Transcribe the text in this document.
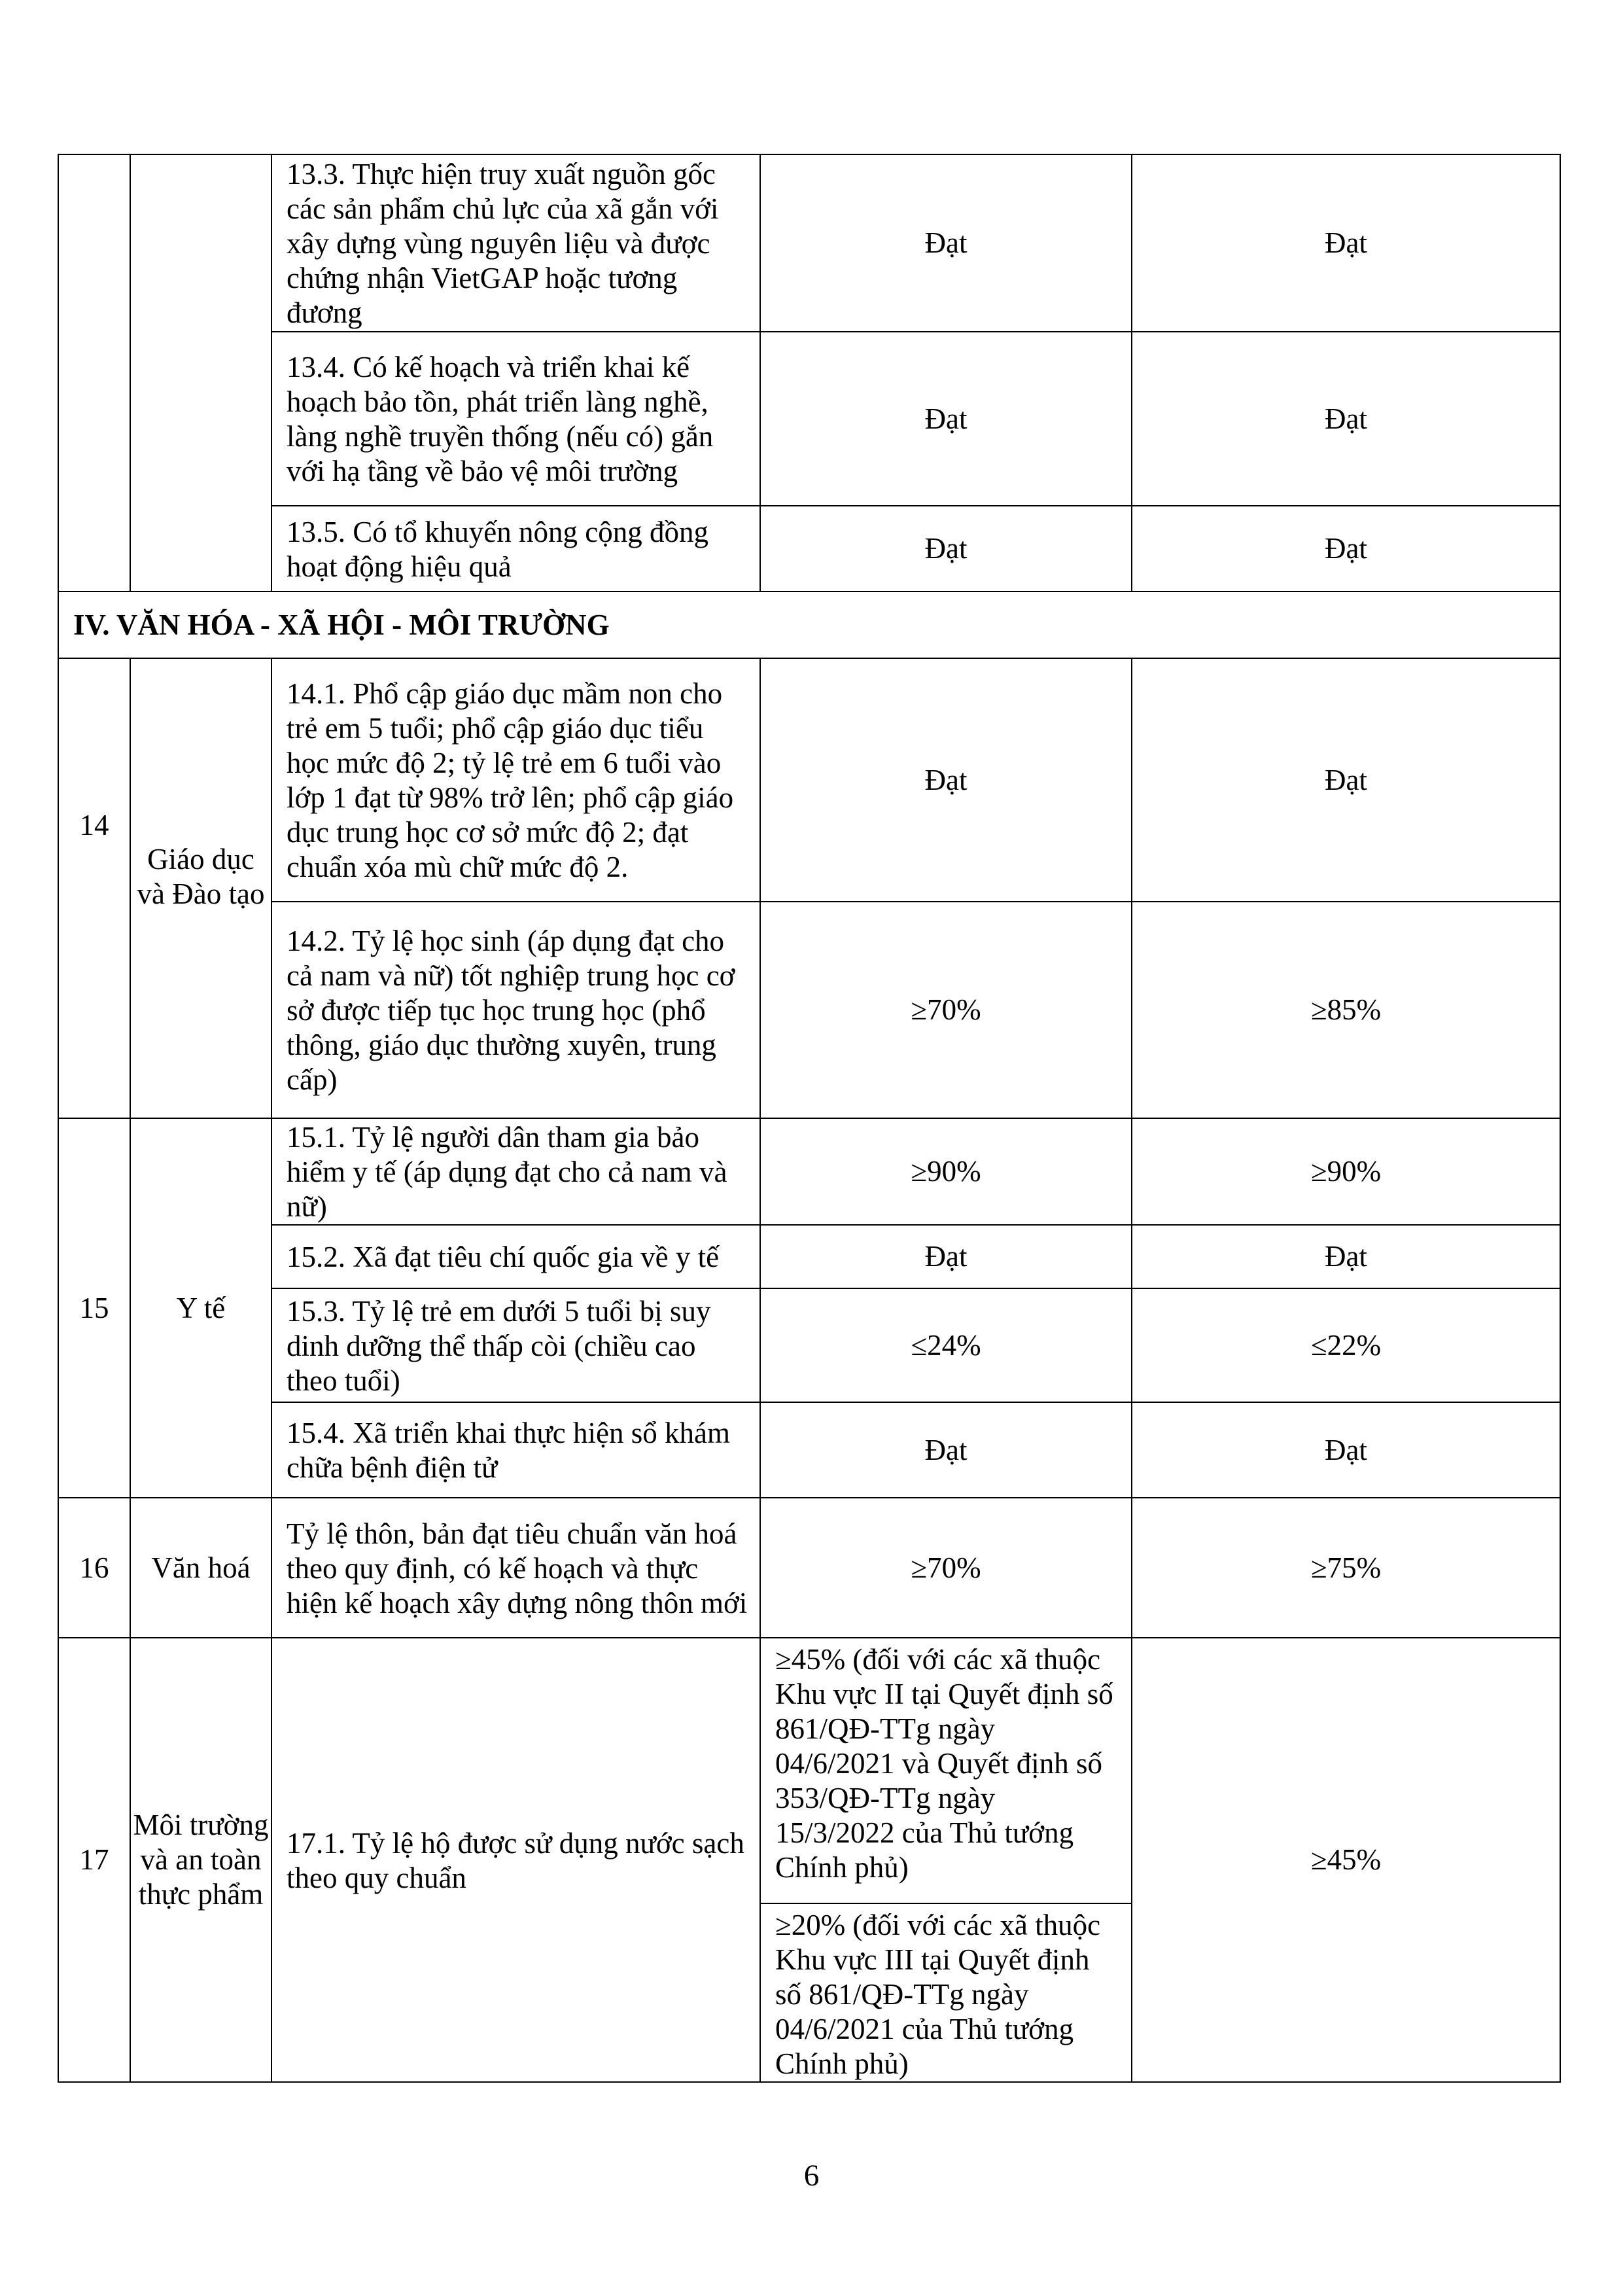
		13.3. Thực hiện truy xuất nguồn gốc các sản phẩm chủ lực của xã gắn với xây dựng vùng nguyên liệu và được chứng nhận VietGAP hoặc tương đương	Đạt	Đạt
		13.4. Có kế hoạch và triển khai kế hoạch bảo tồn, phát triển làng nghề, làng nghề truyền thống (nếu có) gắn với hạ tầng về bảo vệ môi trường	Đạt	Đạt
		13.5. Có tổ khuyến nông cộng đồng hoạt động hiệu quả	Đạt	Đạt
IV. VĂN HÓA - XÃ HỘI - MÔI TRƯỜNG				
14	Giáo dục và Đào tạo	14.1. Phổ cập giáo dục mầm non cho trẻ em 5 tuổi; phổ cập giáo dục tiểu học mức độ 2; tỷ lệ trẻ em 6 tuổi vào lớp 1 đạt từ 98% trở lên; phổ cập giáo dục trung học cơ sở mức độ 2; đạt chuẩn xóa mù chữ mức độ 2.	Đạt	Đạt
		14.2. Tỷ lệ học sinh (áp dụng đạt cho cả nam và nữ) tốt nghiệp trung học cơ sở được tiếp tục học trung học (phổ thông, giáo dục thường xuyên, trung cấp)	≥70%	≥85%
15	Y tế	15.1. Tỷ lệ người dân tham gia bảo hiểm y tế (áp dụng đạt cho cả nam và nữ)	≥90%	≥90%
		15.2. Xã đạt tiêu chí quốc gia về y tế	Đạt	Đạt
		15.3. Tỷ lệ trẻ em dưới 5 tuổi bị suy dinh dưỡng thể thấp còi (chiều cao theo tuổi)	≤24%	≤22%
		15.4. Xã triển khai thực hiện sổ khám chữa bệnh điện tử	Đạt	Đạt
16	Văn hoá	Tỷ lệ thôn, bản đạt tiêu chuẩn văn hoá theo quy định, có kế hoạch và thực hiện kế hoạch xây dựng nông thôn mới	≥70%	≥75%
17	Môi trường và an toàn thực phẩm	17.1. Tỷ lệ hộ được sử dụng nước sạch theo quy chuẩn	≥45% (đối với các xã thuộc Khu vực II tại Quyết định số 861/QĐ-TTg ngày 04/6/2021 và Quyết định số 353/QĐ-TTg ngày 15/3/2022 của Thủ tướng Chính phủ)	≥45%
			≥20% (đối với các xã thuộc Khu vực III tại Quyết định số 861/QĐ-TTg ngày 04/6/2021 của Thủ tướng Chính phủ)	
6
